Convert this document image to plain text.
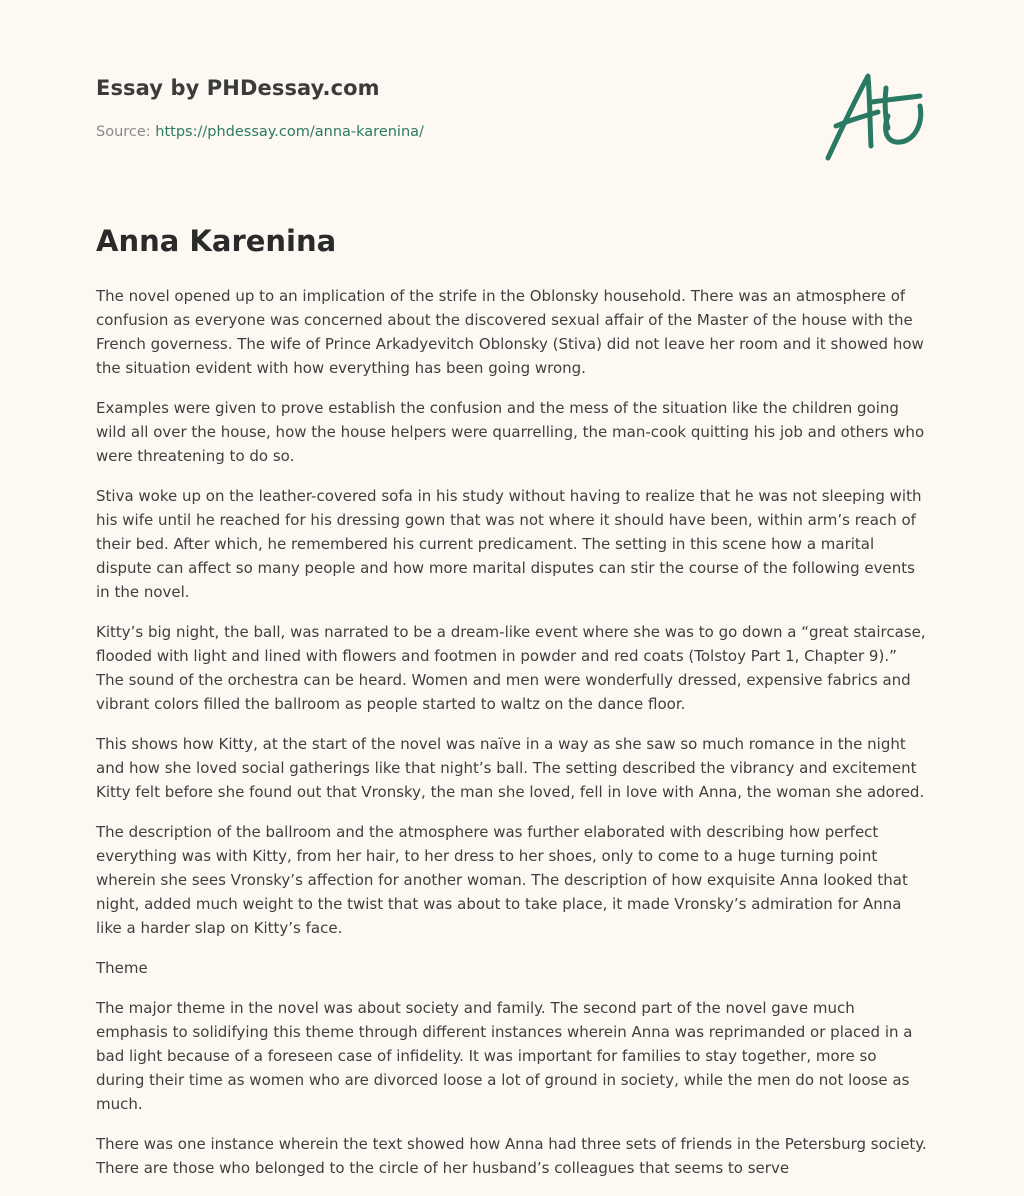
Essay by PHDessay.com
Source: https://phdessay.com/anna-karenina/
Anna Karenina

The novel opened up to an implication of the strife in the Oblonsky household. There was an atmosphere of confusion as everyone was concerned about the discovered sexual affair of the Master of the house with the French governess. The wife of Prince Arkadyevitch Oblonsky (Stiva) did not leave her room and it showed how the situation evident with how everything has been going wrong.

Examples were given to prove establish the confusion and the mess of the situation like the children going wild all over the house, how the house helpers were quarrelling, the man-cook quitting his job and others who were threatening to do so.

Stiva woke up on the leather-covered sofa in his study without having to realize that he was not sleeping with his wife until he reached for his dressing gown that was not where it should have been, within arm’s reach of their bed. After which, he remembered his current predicament. The setting in this scene how a marital dispute can affect so many people and how more marital disputes can stir the course of the following events in the novel.

Kitty’s big night, the ball, was narrated to be a dream-like event where she was to go down a “great staircase, flooded with light and lined with flowers and footmen in powder and red coats (Tolstoy Part 1, Chapter 9).” The sound of the orchestra can be heard. Women and men were wonderfully dressed, expensive fabrics and vibrant colors filled the ballroom as people started to waltz on the dance floor.

This shows how Kitty, at the start of the novel was naïve in a way as she saw so much romance in the night and how she loved social gatherings like that night’s ball. The setting described the vibrancy and excitement Kitty felt before she found out that Vronsky, the man she loved, fell in love with Anna, the woman she adored.

The description of the ballroom and the atmosphere was further elaborated with describing how perfect everything was with Kitty, from her hair, to her dress to her shoes, only to come to a huge turning point wherein she sees Vronsky’s affection for another woman. The description of how exquisite Anna looked that night, added much weight to the twist that was about to take place, it made Vronsky’s admiration for Anna like a harder slap on Kitty’s face.

Theme

The major theme in the novel was about society and family. The second part of the novel gave much emphasis to solidifying this theme through different instances wherein Anna was reprimanded or placed in a bad light because of a foreseen case of infidelity. It was important for families to stay together, more so during their time as women who are divorced loose a lot of ground in society, while the men do not loose as much.

There was one instance wherein the text showed how Anna had three sets of friends in the Petersburg society. There are those who belonged to the circle of her husband’s colleagues that seems to serve
